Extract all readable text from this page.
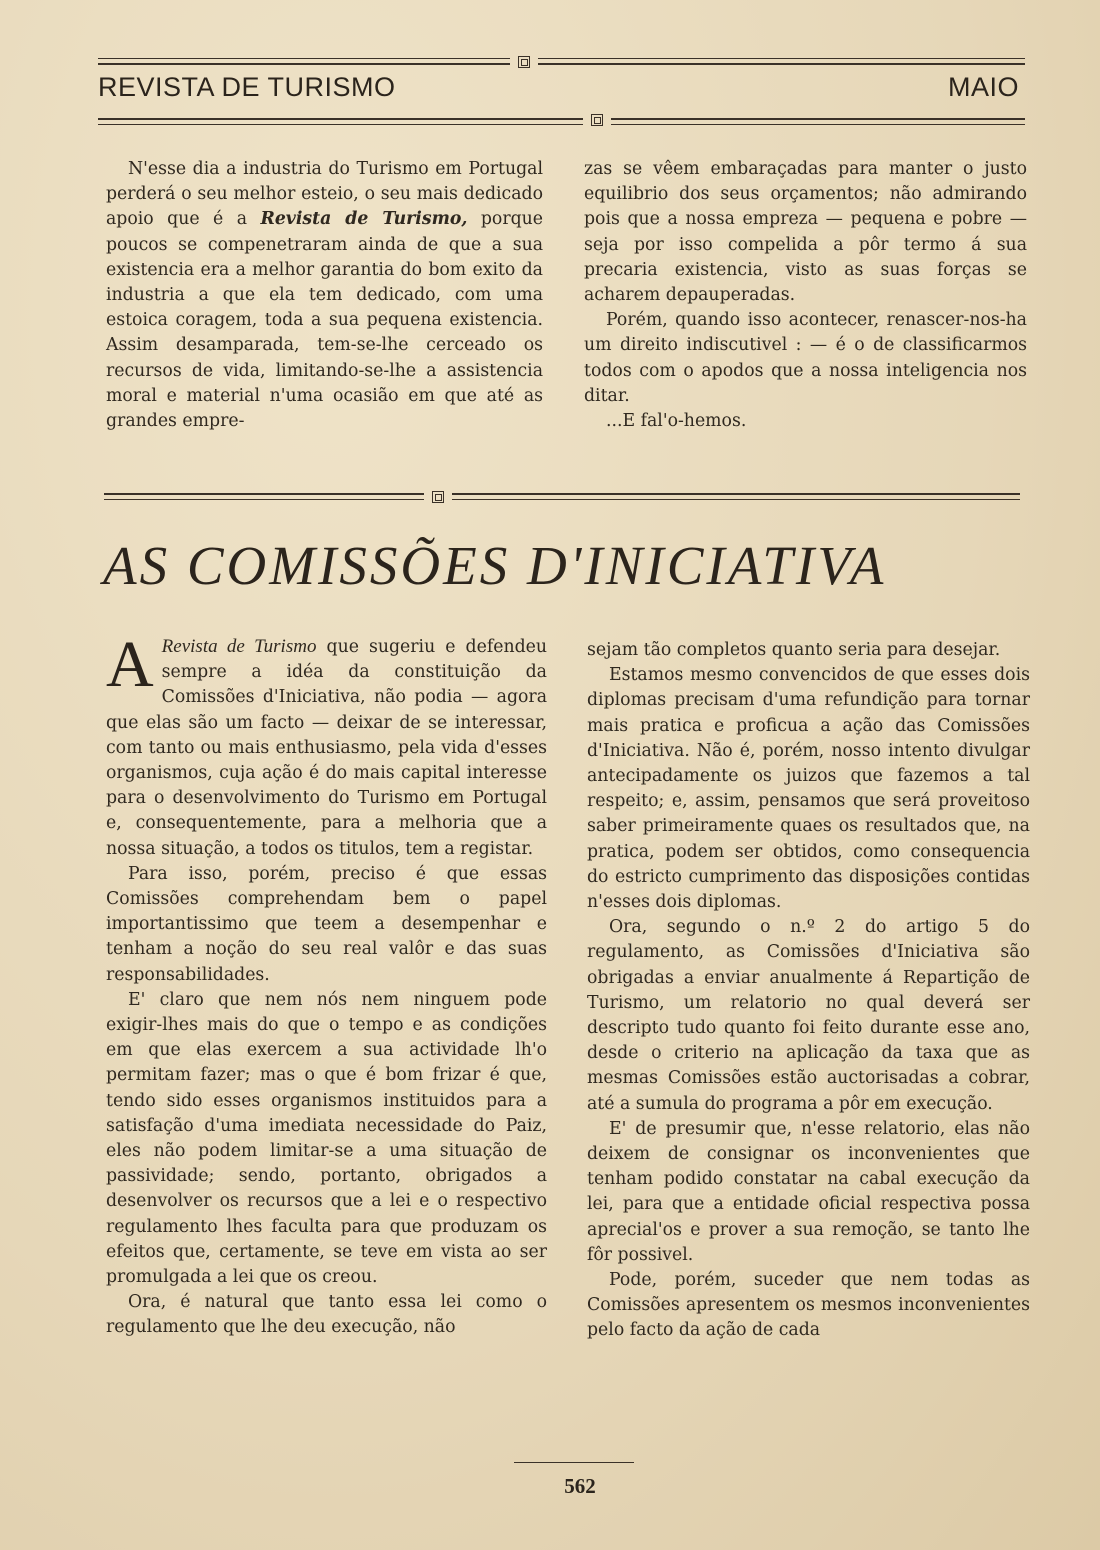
REVISTA DE TURISMO	MAIO

N'esse dia a industria do Turismo em Portugal perderá o seu melhor esteio, o seu mais dedicado apoio que é a Revista de Turismo, porque poucos se compenetraram ainda de que a sua existencia era a melhor garantia do bom exito da industria a que ela tem dedicado, com uma estoica coragem, toda a sua pequena existencia. Assim desamparada, tem-se-lhe cerceado os recursos de vida, limitando-se-lhe a assistencia moral e material n'uma ocasião em que até as grandes empre-

zas se vêem embaraçadas para manter o justo equilibrio dos seus orçamentos; não admirando pois que a nossa empreza — pequena e pobre — seja por isso compelida a pôr termo á sua precaria existencia, visto as suas forças se acharem depauperadas.

Porém, quando isso acontecer, renascer-nos-ha um direito indiscutivel : — é o de classificarmos todos com o apodos que a nossa inteligencia nos ditar.

...E fal'o-hemos.

AS COMISSÕES D'INICIATIVA

A Revista de Turismo que sugeriu e defendeu sempre a idéa da constituição da Comissões d'Iniciativa, não podia — agora que elas são um facto — deixar de se interessar, com tanto ou mais enthusiasmo, pela vida d'esses organismos, cuja ação é do mais capital interesse para o desenvolvimento do Turismo em Portugal e, consequentemente, para a melhoria que a nossa situação, a todos os titulos, tem a registar.

Para isso, porém, preciso é que essas Comissões comprehendam bem o papel importantissimo que teem a desempenhar e tenham a noção do seu real valôr e das suas responsabilidades.

E' claro que nem nós nem ninguem pode exigir-lhes mais do que o tempo e as condições em que elas exercem a sua actividade lh'o permitam fazer; mas o que é bom frizar é que, tendo sido esses organismos instituidos para a satisfação d'uma imediata necessidade do Paiz, eles não podem limitar-se a uma situação de passividade; sendo, portanto, obrigados a desenvolver os recursos que a lei e o respectivo regulamento lhes faculta para que produzam os efeitos que, certamente, se teve em vista ao ser promulgada a lei que os creou.

Ora, é natural que tanto essa lei como o regulamento que lhe deu execução, não

sejam tão completos quanto seria para desejar.

Estamos mesmo convencidos de que esses dois diplomas precisam d'uma refundição para tornar mais pratica e proficua a ação das Comissões d'Iniciativa. Não é, porém, nosso intento divulgar antecipadamente os juizos que fazemos a tal respeito; e, assim, pensamos que será proveitoso saber primeiramente quaes os resultados que, na pratica, podem ser obtidos, como consequencia do estricto cumprimento das disposições contidas n'esses dois diplomas.

Ora, segundo o n.º 2 do artigo 5 do regulamento, as Comissões d'Iniciativa são obrigadas a enviar anualmente á Repartição de Turismo, um relatorio no qual deverá ser descripto tudo quanto foi feito durante esse ano, desde o criterio na aplicação da taxa que as mesmas Comissões estão auctorisadas a cobrar, até a sumula do programa a pôr em execução.

E' de presumir que, n'esse relatorio, elas não deixem de consignar os inconvenientes que tenham podido constatar na cabal execução da lei, para que a entidade oficial respectiva possa aprecial'os e prover a sua remoção, se tanto lhe fôr possivel.

Pode, porém, suceder que nem todas as Comissões apresentem os mesmos inconvenientes pelo facto da ação de cada

562
